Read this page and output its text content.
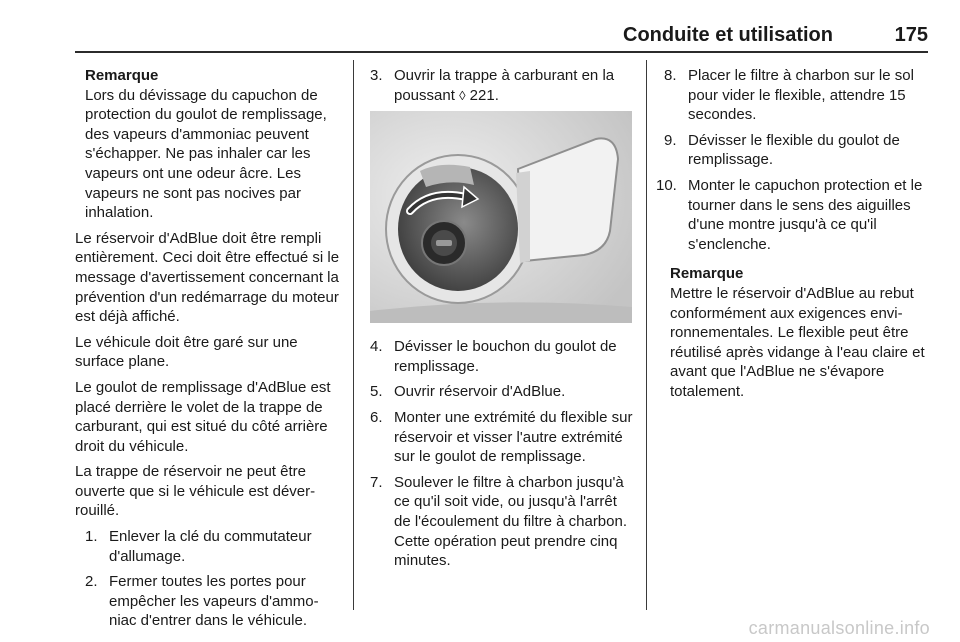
Conduite et utilisation	175
Remarque
Lors du dévissage du capuchon de protection du goulot de remplissage, des vapeurs d'ammoniac peuvent s'échapper. Ne pas inhaler car les vapeurs ont une odeur âcre. Les vapeurs ne sont pas nocives par inhalation.

Le réservoir d'AdBlue doit être rempli entièrement. Ceci doit être effectué si le message d'avertissement concernant la prévention d'un redémarrage du moteur est déjà affiché.

Le véhicule doit être garé sur une surface plane.

Le goulot de remplissage d'AdBlue est placé derrière le volet de la trappe de carburant, qui est situé du côté arrière droit du véhicule.

La trappe de réservoir ne peut être ouverte que si le véhicule est déverrouillé.

1. Enlever la clé du commutateur d'allumage.
2. Fermer toutes les portes pour empêcher les vapeurs d'ammoniac d'entrer dans le véhicule.
3. Ouvrir la trappe à carburant en la poussant ◊ 221.
4. Dévisser le bouchon du goulot de remplissage.
5. Ouvrir réservoir d'AdBlue.
6. Monter une extrémité du flexible sur réservoir et visser l'autre extrémité sur le goulot de remplissage.
7. Soulever le filtre à charbon jusqu'à ce qu'il soit vide, ou jusqu'à l'arrêt de l'écoulement du filtre à charbon. Cette opération peut prendre cinq minutes.
8. Placer le filtre à charbon sur le sol pour vider le flexible, attendre 15 secondes.
9. Dévisser le flexible du goulot de remplissage.
10. Monter le capuchon protection et le tourner dans le sens des aiguilles d'une montre jusqu'à ce qu'il s'enclenche.
Remarque
Mettre le réservoir d'AdBlue au rebut conformément aux exigences environnementales. Le flexible peut être réutilisé après vidange à l'eau claire et avant que l'AdBlue ne s'évapore totalement.
carmanualsonline.info
